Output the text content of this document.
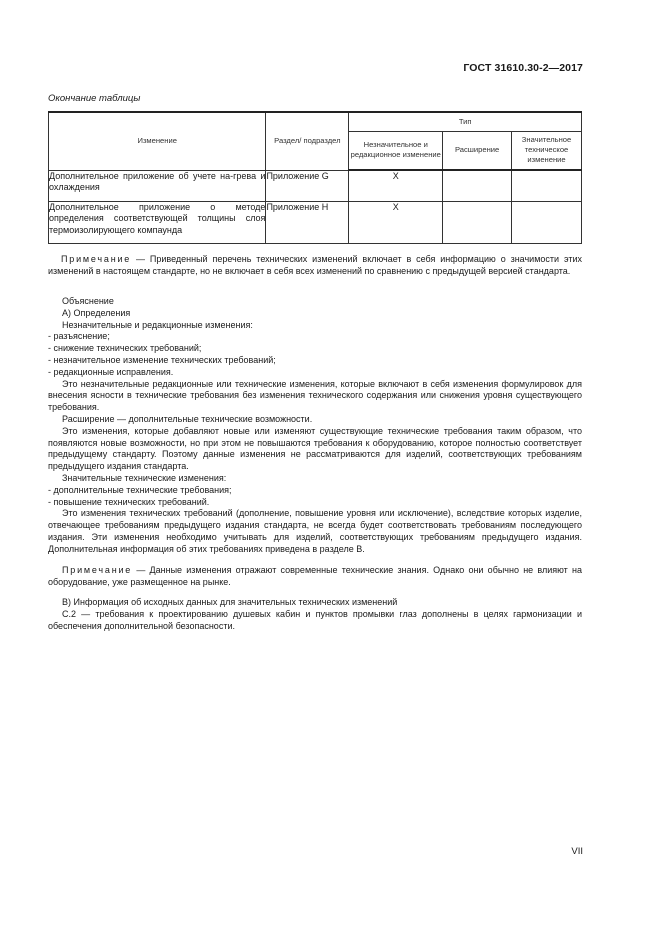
ГОСТ 31610.30-2—2017
Окончание таблицы
Изменение	Раздел/ подраздел	Тип		
		Незначительное и редакционное изменение	Расширение	Значительное техническое изменение
Дополнительное приложение об учете на-грева и охлаждения	Приложение G	X		
Дополнительное приложение о методе определения соответствующей толщины слоя термоизолирующего компаунда	Приложение H	X		

Примечание — Приведенный перечень технических изменений включает в себя информацию о значимости этих изменений в настоящем стандарте, но не включает в себя всех изменений по сравнению с предыдущей версией стандарта.

Объяснение

А) Определения

Незначительные и редакционные изменения:

- разъяснение;

- снижение технических требований;

- незначительное изменение технических требований;

- редакционные исправления.

Это незначительные редакционные или технические изменения, которые включают в себя изменения формулировок для внесения ясности в технические требования без изменения технического содержания или снижения уровня существующего требования.

Расширение — дополнительные технические возможности.

Это изменения, которые добавляют новые или изменяют существующие технические требования таким образом, что появляются новые возможности, но при этом не повышаются требования к оборудованию, которое полностью соответствует предыдущему стандарту. Поэтому данные изменения не рассматриваются для изделий, соответствующих требованиям предыдущего издания стандарта.

Значительные технические изменения:

- дополнительные технические требования;

- повышение технических требований.

Это изменения технических требований (дополнение, повышение уровня или исключение), вследствие которых изделие, отвечающее требованиям предыдущего издания стандарта, не всегда будет соответствовать требованиям последующего издания. Эти изменения необходимо учитывать для изделий, соответствующих требованиям предыдущего издания. Дополнительная информация об этих требованиях приведена в разделе В.

Примечание — Данные изменения отражают современные технические знания. Однако они обычно не влияют на оборудование, уже размещенное на рынке.

В) Информация об исходных данных для значительных технических изменений

С.2 — требования к проектированию душевых кабин и пунктов промывки глаз дополнены в целях гармонизации и обеспечения дополнительной безопасности.

VII
